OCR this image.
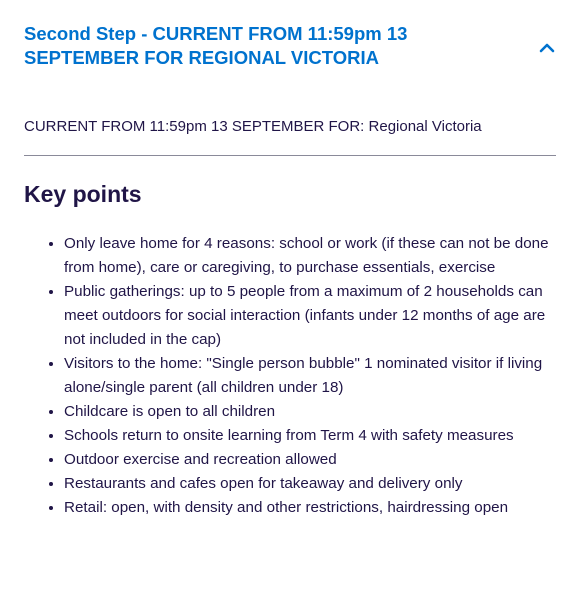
Second Step - CURRENT FROM 11:59pm 13 SEPTEMBER FOR REGIONAL VICTORIA

CURRENT FROM 11:59pm 13 SEPTEMBER FOR: Regional Victoria

Key points
• Only leave home for 4 reasons: school or work (if these can not be done from home), care or caregiving, to purchase essentials, exercise
• Public gatherings: up to 5 people from a maximum of 2 households can meet outdoors for social interaction (infants under 12 months of age are not included in the cap)
• Visitors to the home: "Single person bubble" 1 nominated visitor if living alone/single parent (all children under 18)
• Childcare is open to all children
• Schools return to onsite learning from Term 4 with safety measures
• Outdoor exercise and recreation allowed
• Restaurants and cafes open for takeaway and delivery only
• Retail: open, with density and other restrictions, hairdressing open
